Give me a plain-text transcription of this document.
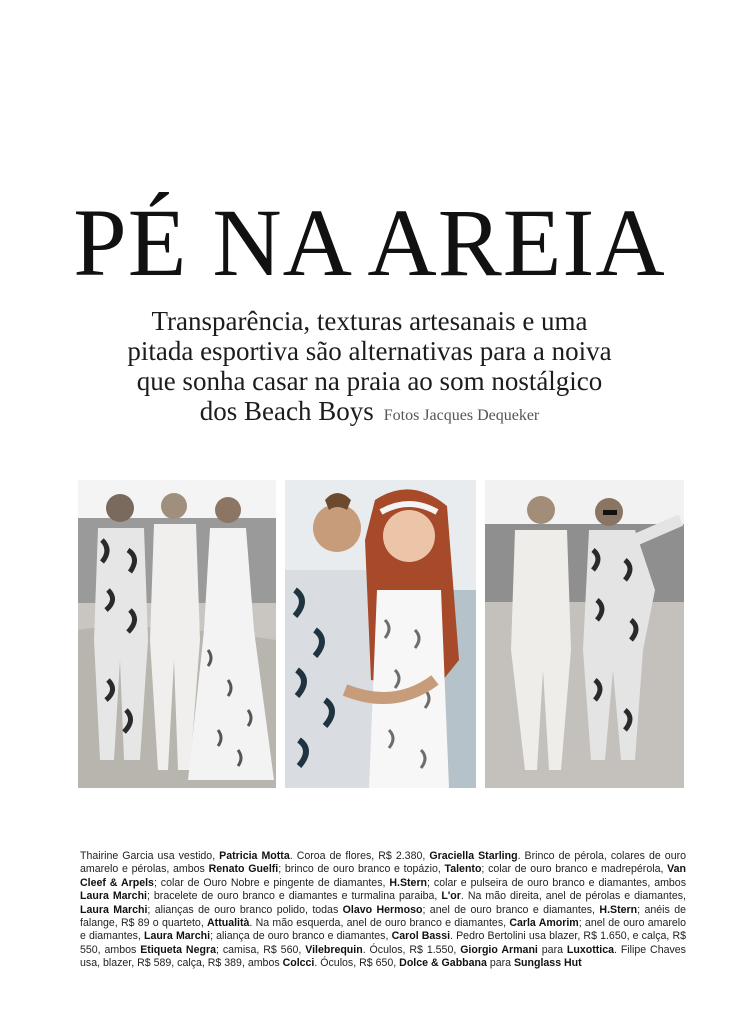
PÉ NA AREIA

Transparência, texturas artesanais e uma
pitada esportiva são alternativas para a noiva
que sonha casar na praia ao som nostálgico
dos Beach Boys Fotos Jacques Dequeker

Thairine Garcia usa vestido, Patricia Motta. Coroa de flores, R$ 2.380, Graciella Starling. Brinco de pérola, colares de ouro amarelo e pérolas, ambos Renato Guelfi; brinco de ouro branco e topázio, Talento; colar de ouro branco e madrepérola, Van Cleef & Arpels; colar de Ouro Nobre e pingente de diamantes, H.Stern; colar e pulseira de ouro branco e diamantes, ambos Laura Marchi; bracelete de ouro branco e diamantes e turmalina paraiba, L'or. Na mão direita, anel de pérolas e diamantes, Laura Marchi; alianças de ouro branco polido, todas Olavo Hermoso; anel de ouro branco e diamantes, H.Stern; anéis de falange, R$ 89 o quarteto, Attualità. Na mão esquerda, anel de ouro branco e diamantes, Carla Amorim; anel de ouro amarelo e diamantes, Laura Marchi; aliança de ouro branco e diamantes, Carol Bassi. Pedro Bertolini usa blazer, R$ 1.650, e calça, R$ 550, ambos Etiqueta Negra; camisa, R$ 560, Vilebrequin. Óculos, R$ 1.550, Giorgio Armani para Luxottica. Filipe Chaves usa, blazer, R$ 589, calça, R$ 389, ambos Colcci. Óculos, R$ 650, Dolce & Gabbana para Sunglass Hut
